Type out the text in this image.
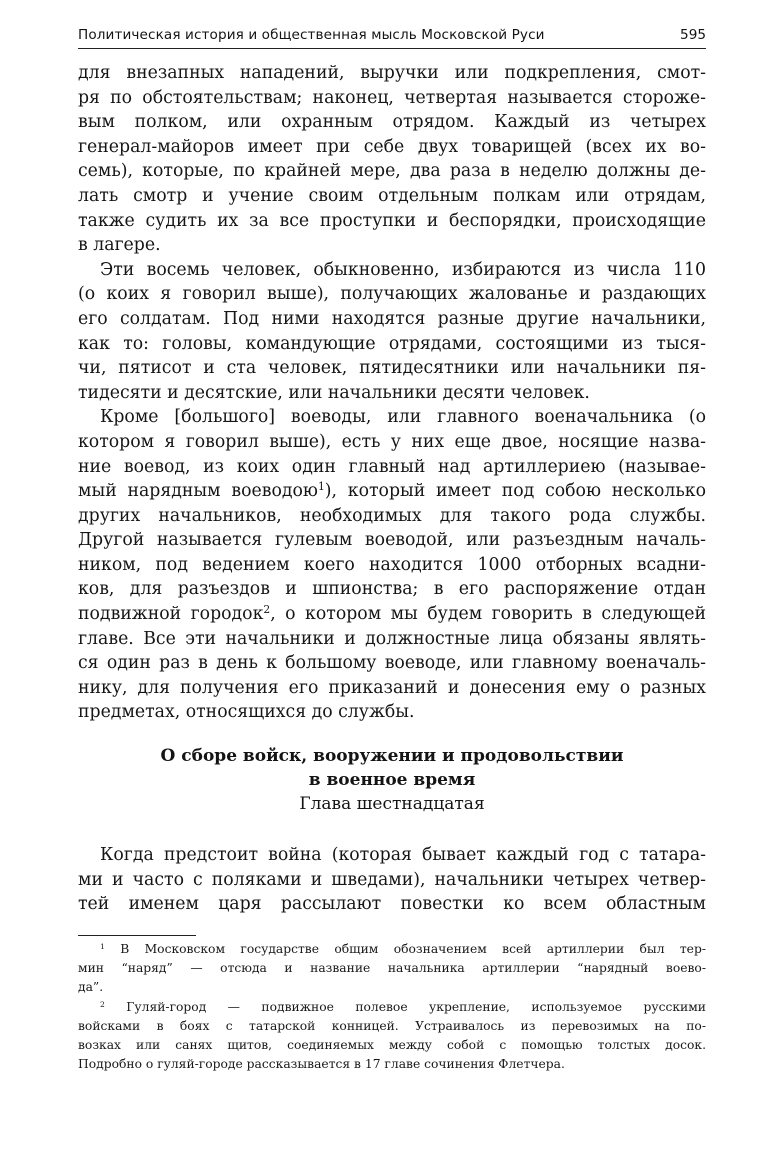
Политическая история и общественная мысль Московской Руси	595
для внезапных нападений, выручки или подкрепления, смот-
ря по обстоятельствам; наконец, четвертая называется стороже-
вым полком, или охранным отрядом. Каждый из четырех
генерал-майоров имеет при себе двух товарищей (всех их во-
семь), которые, по крайней мере, два раза в неделю должны де-
лать смотр и учение своим отдельным полкам или отрядам,
также судить их за все проступки и беспорядки, происходящие
в лагере.
Эти восемь человек, обыкновенно, избираются из числа 110
(о коих я говорил выше), получающих жалованье и раздающих
его солдатам. Под ними находятся разные другие начальники,
как то: головы, командующие отрядами, состоящими из тыся-
чи, пятисот и ста человек, пятидесятники или начальники пя-
тидесяти и десятские, или начальники десяти человек.
Кроме [большого] воеводы, или главного военачальника (о
котором я говорил выше), есть у них еще двое, носящие назва-
ние воевод, из коих один главный над артиллериею (называе-
мый нарядным воеводою$^1$), который имеет под собою несколько
других начальников, необходимых для такого рода службы.
Другой называется гулевым воеводой, или разъездным началь-
ником, под ведением коего находится 1000 отборных всадни-
ков, для разъездов и шпионства; в его распоряжение отдан
подвижной городок$^2$, о котором мы будем говорить в следующей
главе. Все эти начальники и должностные лица обязаны являть-
ся один раз в день к большому воеводе, или главному военачаль-
нику, для получения его приказаний и донесения ему о разных
предметах, относящихся до службы.
О сборе войск, вооружении и продовольствии
в военное время
Глава шестнадцатая
Когда предстоит война (которая бывает каждый год с татара-
ми и часто с поляками и шведами), начальники четырех четвер-
тей именем царя рассылают повестки ко всем областным
$^1$ В Московском государстве общим обозначением всей артиллерии был тер-
мин “наряд” — отсюда и название начальника артиллерии “нарядный воево-
да”.
$^2$ Гуляй-город — подвижное полевое укрепление, используемое русскими
войсками в боях с татарской конницей. Устраивалось из перевозимых на по-
возках или санях щитов, соединяемых между собой с помощью толстых досок.
Подробно о гуляй-городе рассказывается в 17 главе сочинения Флетчера.
